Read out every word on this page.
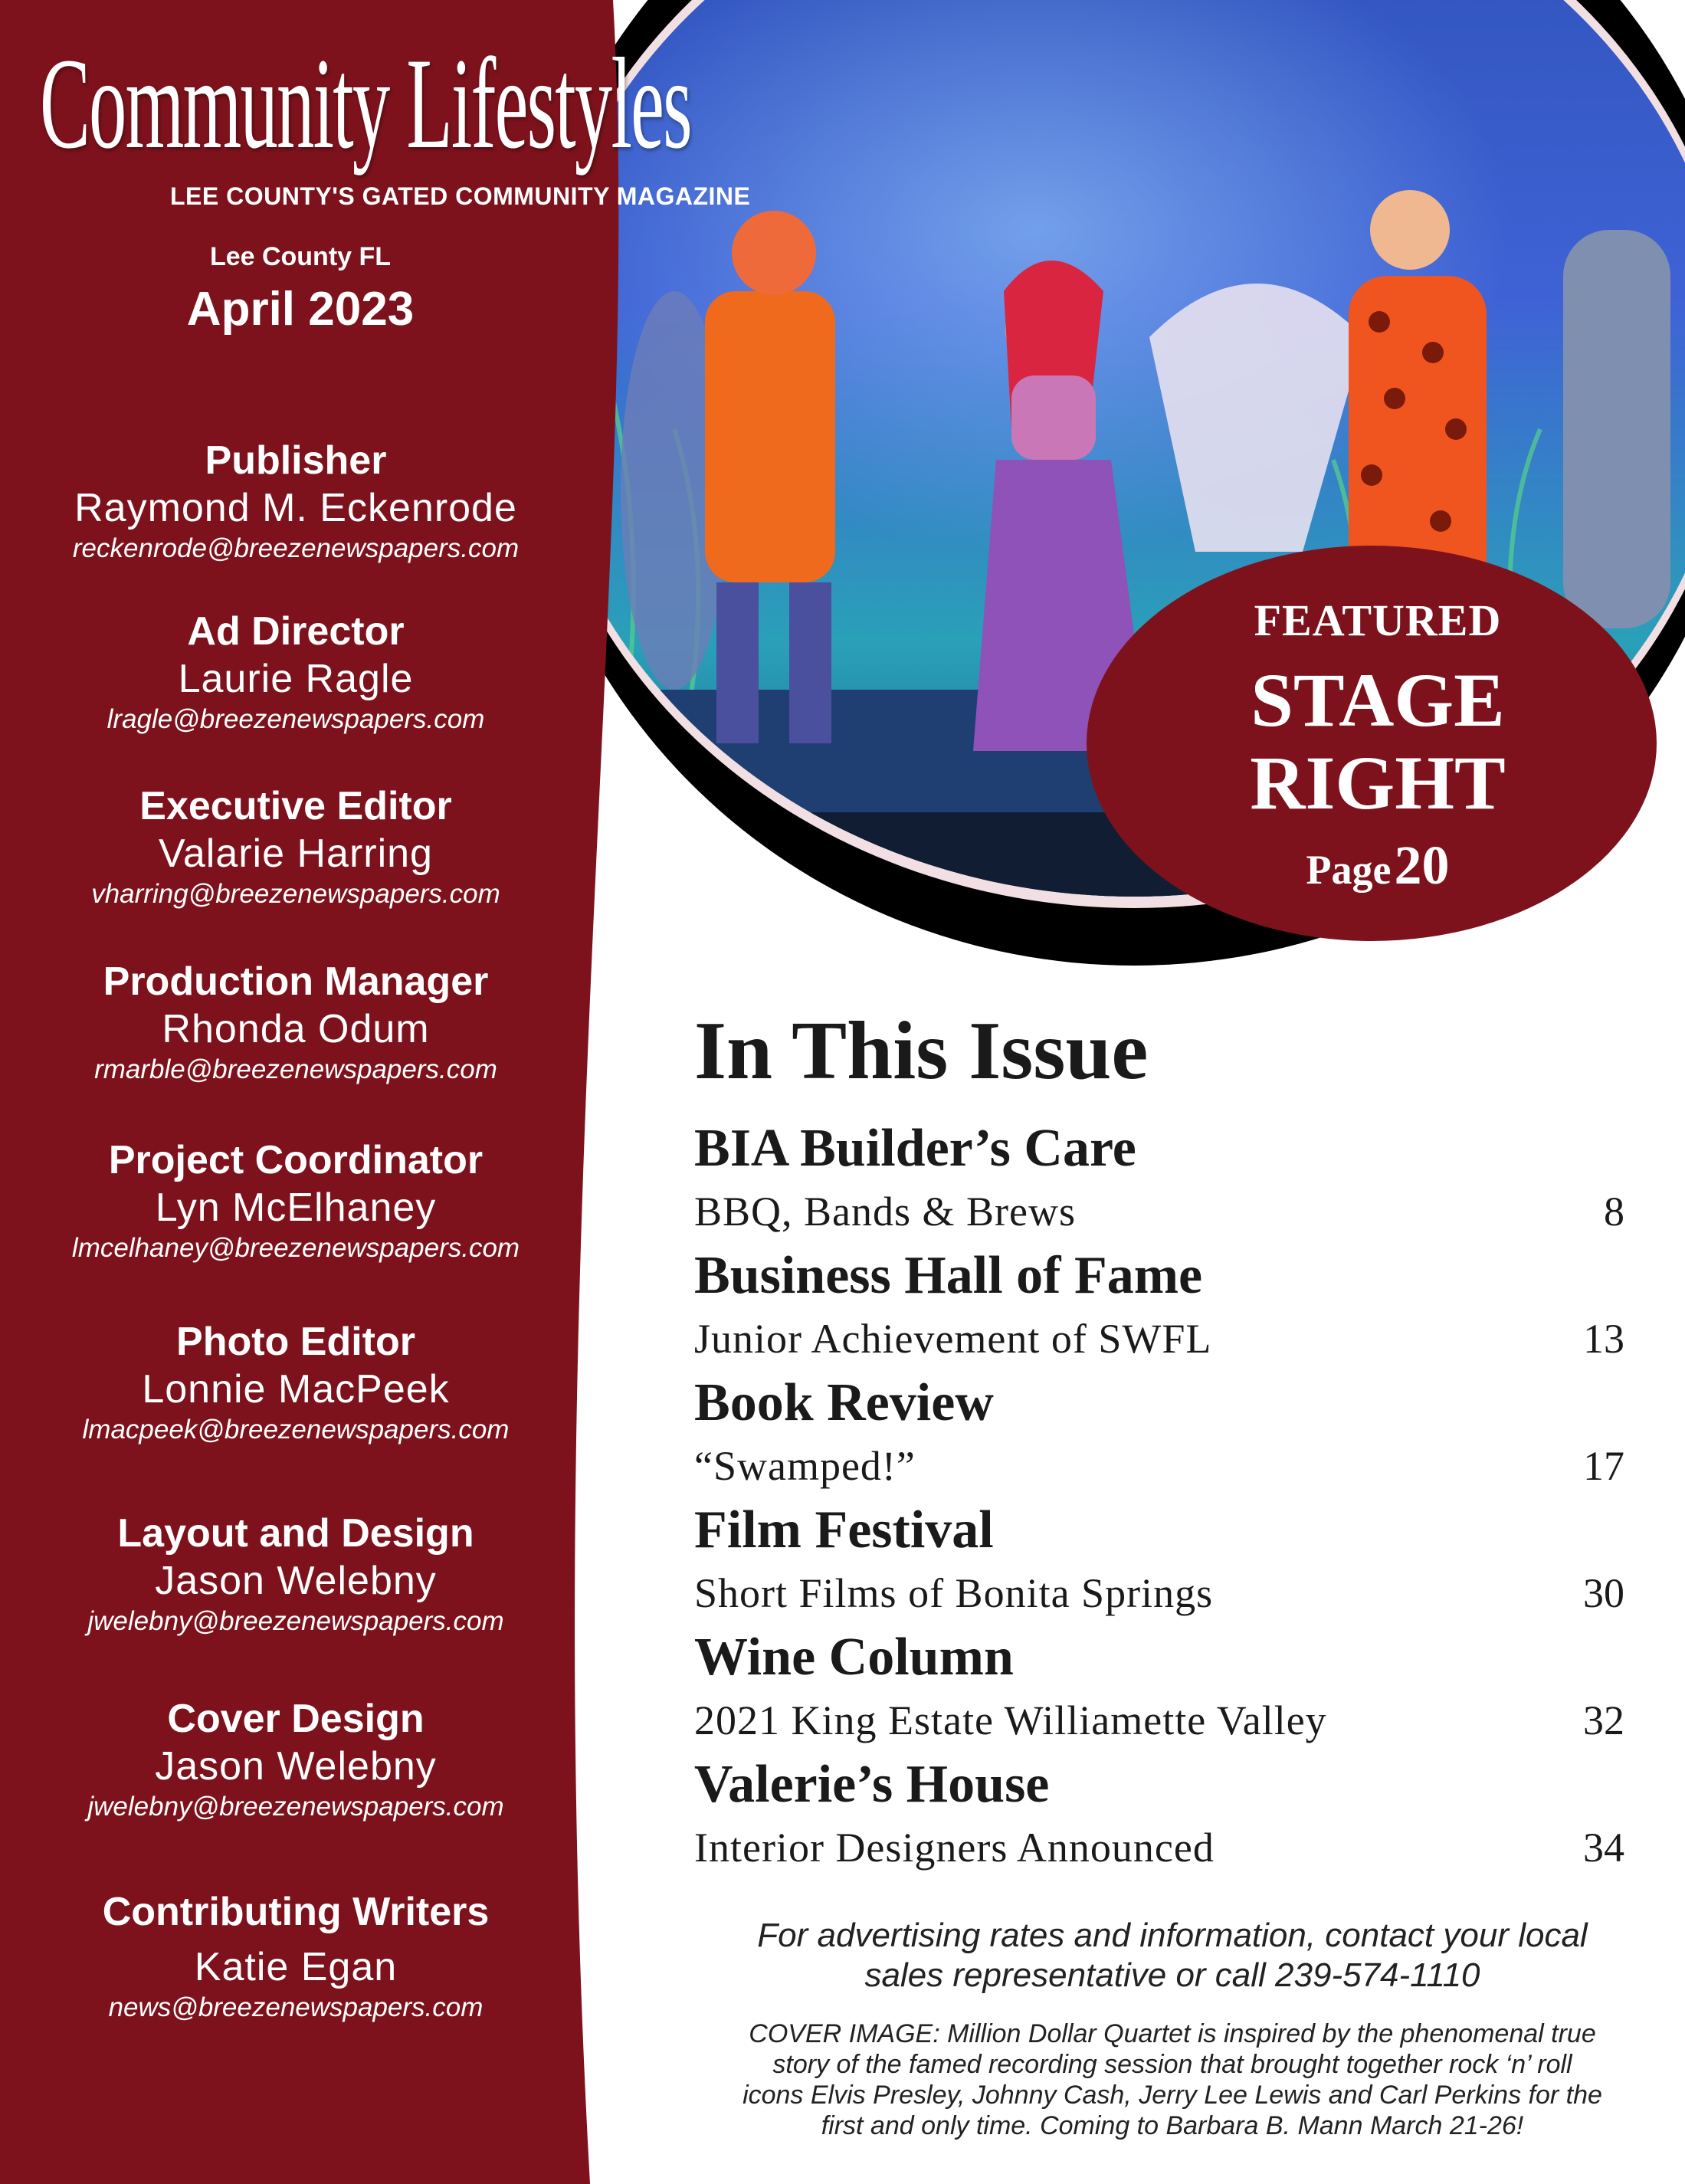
Community Lifestyles
LEE COUNTY'S GATED COMMUNITY MAGAZINE
Lee County FL
April 2023
Publisher
Raymond M. Eckenrode
reckenrode@breezenewspapers.com
Ad Director
Laurie Ragle
lragle@breezenewspapers.com
Executive Editor
Valarie Harring
vharring@breezenewspapers.com
Production Manager
Rhonda Odum
rmarble@breezenewspapers.com
Project Coordinator
Lyn McElhaney
lmcelhaney@breezenewspapers.com
Photo Editor
Lonnie MacPeek
lmacpeek@breezenewspapers.com
Layout and Design
Jason Welebny
jwelebny@breezenewspapers.com
Cover Design
Jason Welebny
jwelebny@breezenewspapers.com
Contributing Writers
Katie Egan
news@breezenewspapers.com
FEATURED
STAGE
RIGHT
Page 20
In This Issue
BIA Builder’s Care
BBQ, Bands & Brews	8
Business Hall of Fame
Junior Achievement of SWFL	13
Book Review
“Swamped!”	17
Film Festival
Short Films of Bonita Springs	30
Wine Column
2021 King Estate Williamette Valley	32
Valerie’s House
Interior Designers Announced	34
For advertising rates and information, contact your local
sales representative or call 239-574-1110
COVER IMAGE: Million Dollar Quartet is inspired by the phenomenal true
story of the famed recording session that brought together rock ‘n’ roll
icons Elvis Presley, Johnny Cash, Jerry Lee Lewis and Carl Perkins for the
first and only time. Coming to Barbara B. Mann March 21-26!
